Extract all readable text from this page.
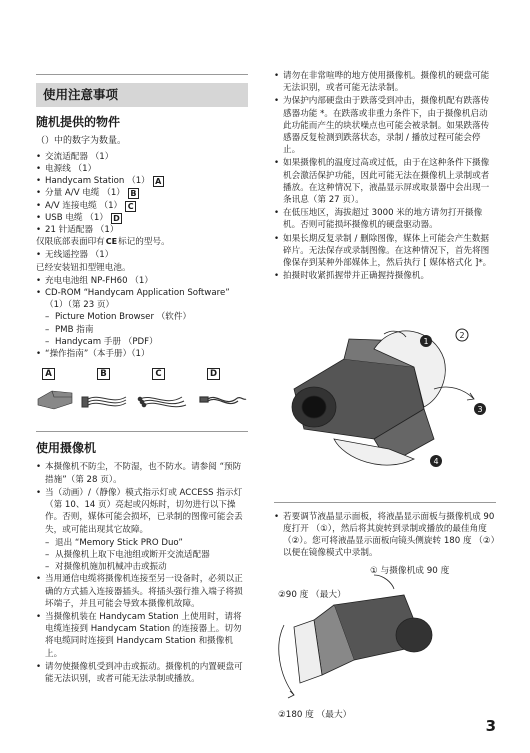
使用注意事项
随机提供的物件
（）中的数字为数量。
• 交流适配器 （1）
• 电源线 （1）
• Handycam Station （1） A
• 分量 A/V 电缆 （1） B
• A/V 连接电缆 （1） C
• USB 电缆 （1） D
• 21 针适配器 （1）
仅限底部表面印有CE标记的型号。
• 无线遥控器 （1）
已经安装钮扣型锂电池。
• 充电电池组 NP-FH60 （1）
• CD-ROM “Handycam Application Software” （1）（第 23 页）
– Picture Motion Browser （软件）
– PMB 指南
– Handycam 手册 （PDF）
• “操作指南”（本手册）（1）
A	B	C	D
使用摄像机
• 本摄像机不防尘，不防湿，也不防水。请参阅 “预防措施”（第 28 页）。
• 当（动画）/（静像）模式指示灯或 ACCESS 指示灯（第 10、14 页）亮起或闪烁时，切勿进行以下操作。否则，媒体可能会损坏，已录制的图像可能会丢失，或可能出现其它故障。
– 退出 “Memory Stick PRO Duo”
– 从摄像机上取下电池组或断开交流适配器
– 对摄像机施加机械冲击或振动
• 当用通信电缆将摄像机连接至另一设备时，必须以正确的方式插入连接器插头。将插头强行推入端子将损坏端子，并且可能会导致本摄像机故障。
• 当摄像机装在 Handycam Station 上使用时，请将电缆连接到 Handycam Station 的连接器上。切勿将电缆同时连接到 Handycam Station 和摄像机上。
• 请勿使摄像机受到冲击或振动。摄像机的内置硬盘可能无法识别，或者可能无法录制或播放。
• 请勿在非常喧哗的地方使用摄像机。摄像机的硬盘可能无法识别，或者可能无法录制。
• 为保护内部硬盘由于跌落受到冲击，摄像机配有跌落传感器功能 *。在跌落或非重力条件下，由于摄像机启动此功能而产生的块状噪点也可能会被录制。如果跌落传感器反复检测到跌落状态，录制 / 播放过程可能会停止。
• 如果摄像机的温度过高或过低，由于在这种条件下摄像机会激活保护功能，因此可能无法在摄像机上录制或者播放。在这种情况下，液晶显示屏或取景器中会出现一条讯息（第 27 页）。
• 在低压地区，海拔超过 3000 米的地方请勿打开摄像机。否则可能损坏摄像机的硬盘驱动器。
• 如果长期反复录制 / 删除图像，媒体上可能会产生数据碎片。无法保存或录制图像。在这种情况下，首先将图像保存到某种外部媒体上，然后执行 [ 媒体格式化 ]*。
• 拍摄时收紧抓握带并正确握持摄像机。
1
2
3
4
• 若要调节液晶显示面板，将液晶显示面板与摄像机成 90 度打开 （①），然后将其旋转到录制或播放的最佳角度 （②）。您可将液晶显示面板向镜头侧旋转 180 度 （②）以便在镜像模式中录制。
① 与摄像机成 90 度
②90 度 （最大）
②180 度 （最大）
3
